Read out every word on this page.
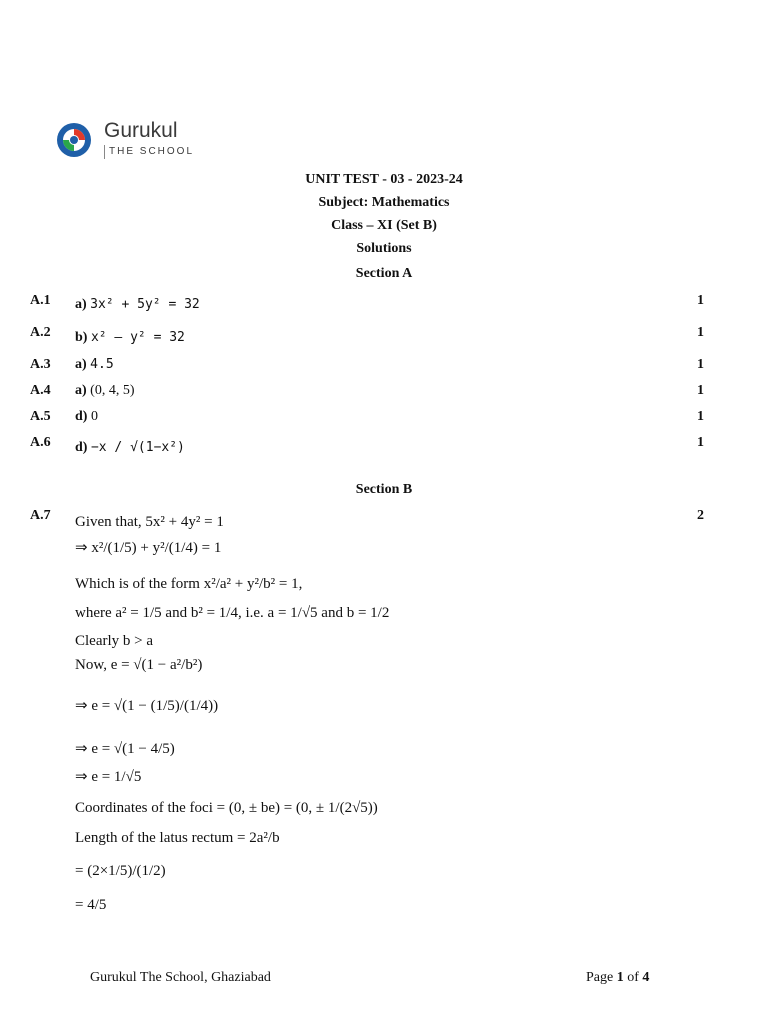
Gurukul
THE SCHOOL
UNIT TEST - 03 - 2023-24
Subject: Mathematics
Class – XI (Set B)
Solutions
Section A
A.1 a) 3x² + 5y² = 32	1
A.2 b) x² – y² = 32	1
A.3 a) 4.5	1
A.4 a) (0, 4, 5)	1
A.5 d) 0	1
A.6 d) −x / √(1−x²)	1
Section B
A.7	2
Given that, 5x² + 4y² = 1
⇒ x²/(1/5) + y²/(1/4) = 1
Which is of the form x²/a² + y²/b² = 1,
where a² = 1/5 and b² = 1/4, i.e. a = 1/√5 and b = 1/2
Clearly b > a
Now, e = √(1 − a²/b²)
⇒ e = √(1 − (1/5)/(1/4))
⇒ e = √(1 − 4/5)
⇒ e = 1/√5
Coordinates of the foci = (0, ± be) = (0, ± 1/(2√5))
Length of the latus rectum = 2a²/b
= (2×1/5)/(1/2)
= 4/5
Gurukul The School, Ghaziabad	Page 1 of 4
